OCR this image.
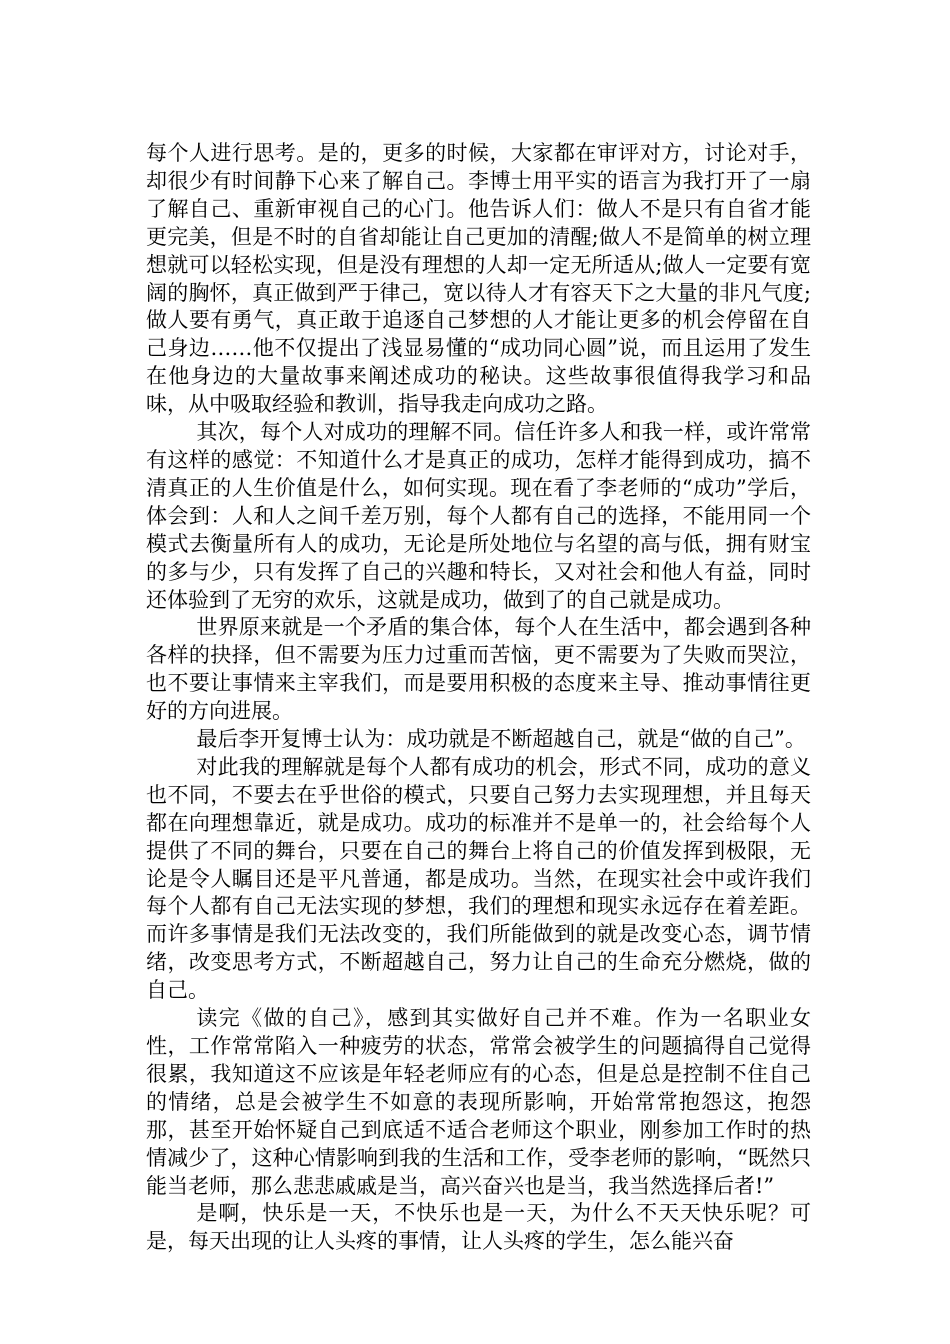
每个人进行思考。是的，更多的时候，大家都在审评对方，讨论对手，却很少有时间静下心来了解自己。李博士用平实的语言为我打开了一扇了解自己、重新审视自己的心门。他告诉人们：做人不是只有自省才能更完美，但是不时的自省却能让自己更加的清醒;做人不是简单的树立理想就可以轻松实现，但是没有理想的人却一定无所适从;做人一定要有宽阔的胸怀，真正做到严于律己，宽以待人才有容天下之大量的非凡气度;做人要有勇气，真正敢于追逐自己梦想的人才能让更多的机会停留在自己身边……他不仅提出了浅显易懂的“成功同心圆”说，而且运用了发生在他身边的大量故事来阐述成功的秘诀。这些故事很值得我学习和品味，从中吸取经验和教训，指导我走向成功之路。

其次，每个人对成功的理解不同。信任许多人和我一样，或许常常有这样的感觉：不知道什么才是真正的成功，怎样才能得到成功，搞不清真正的人生价值是什么，如何实现。现在看了李老师的“成功”学后，体会到：人和人之间千差万别，每个人都有自己的选择，不能用同一个模式去衡量所有人的成功，无论是所处地位与名望的高与低，拥有财宝的多与少，只有发挥了自己的兴趣和特长，又对社会和他人有益，同时还体验到了无穷的欢乐，这就是成功，做到了的自己就是成功。

世界原来就是一个矛盾的集合体，每个人在生活中，都会遇到各种各样的抉择，但不需要为压力过重而苦恼，更不需要为了失败而哭泣，也不要让事情来主宰我们，而是要用积极的态度来主导、推动事情往更好的方向进展。

最后李开复博士认为：成功就是不断超越自己，就是“做的自己”。

对此我的理解就是每个人都有成功的机会，形式不同，成功的意义也不同，不要去在乎世俗的模式，只要自己努力去实现理想，并且每天都在向理想靠近，就是成功。成功的标准并不是单一的，社会给每个人提供了不同的舞台，只要在自己的舞台上将自己的价值发挥到极限，无论是令人瞩目还是平凡普通，都是成功。当然，在现实社会中或许我们每个人都有自己无法实现的梦想，我们的理想和现实永远存在着差距。而许多事情是我们无法改变的，我们所能做到的就是改变心态，调节情绪，改变思考方式，不断超越自己，努力让自己的生命充分燃烧，做的自己。

读完《做的自己》，感到其实做好自己并不难。作为一名职业女性，工作常常陷入一种疲劳的状态，常常会被学生的问题搞得自己觉得很累，我知道这不应该是年轻老师应有的心态，但是总是控制不住自己的情绪，总是会被学生不如意的表现所影响，开始常常抱怨这，抱怨那，甚至开始怀疑自己到底适不适合老师这个职业，刚参加工作时的热情减少了，这种心情影响到我的生活和工作，受李老师的影响，“既然只能当老师，那么悲悲戚戚是当，高兴奋兴也是当，我当然选择后者!”

是啊，快乐是一天，不快乐也是一天，为什么不天天快乐呢？可是，每天出现的让人头疼的事情，让人头疼的学生，怎么能兴奋
